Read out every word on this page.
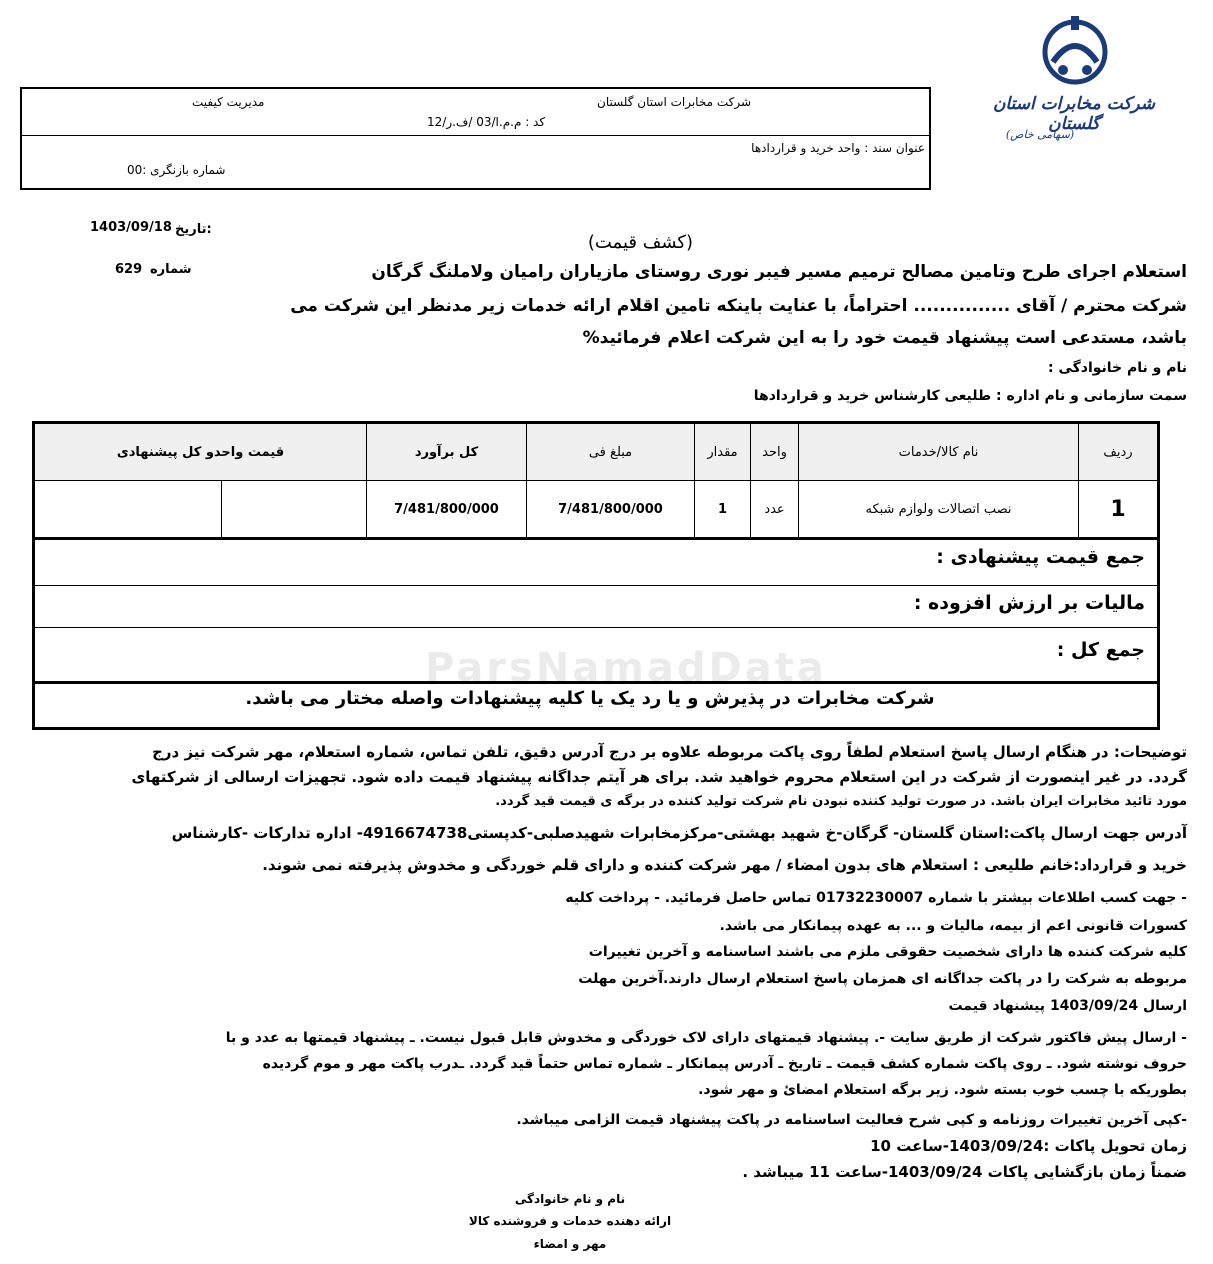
شرکت مخابرات استان گلستان
(سهامی خاص)
شرکت مخابرات استان گلستان
مدیریت کیفیت
کد : م.م.ا/03 /ف.ر/12
عنوان سند : واحد خرید و قراردادها
شماره بازنگری :00
تاریخ:
1403/09/18
شماره
629
(کشف قیمت)
استعلام اجرای طرح وتامین مصالح ترمیم مسیر فیبر نوری روستای مازیاران رامیان ولاملنگ گرگان
شرکت محترم / آقای ............... احتراماً، با عنایت باینکه تامین اقلام ارائه خدمات زیر مدنظر این شرکت می
باشد، مستدعی است پیشنهاد قیمت خود را به این شرکت اعلام فرمائید%
نام و نام خانوادگی :
سمت سازمانی و نام اداره : طلیعی کارشناس خرید و قراردادها
ردیف	نام کالا/خدمات	واحد	مقدار	مبلغ فی	کل برآورد	قیمت واحدو کل پیشنهادی	
1	نصب اتصالات ولوازم شبکه	عدد	1	7/481/800/000	7/481/800/000		
جمع قیمت پیشنهادی :
مالیات بر ارزش افزوده :
جمع کل :
شرکت مخابرات در پذیرش و یا رد یک یا کلیه پیشنهادات واصله مختار می باشد.
ParsNamadData
توضیحات: در هنگام ارسال پاسخ استعلام لطفاً روی پاکت مربوطه علاوه بر درج آدرس دقیق، تلفن تماس، شماره استعلام، مهر شرکت نیز درج
گردد. در غیر اینصورت از شرکت در این استعلام محروم خواهید شد. برای هر آیتم جداگانه پیشنهاد قیمت داده شود. تجهیزات ارسالی از شرکتهای
مورد تائید مخابرات ایران باشد. در صورت تولید کننده نبودن نام شرکت تولید کننده در برگه ی قیمت قید گردد.
آدرس جهت ارسال پاکت:استان گلستان- گرگان-خ شهید بهشتی-مرکزمخابرات شهیدصلبی-کدپستی4916674738- اداره تدارکات -کارشناس
خرید و قرارداد:خانم طلیعی : استعلام های بدون امضاء / مهر شرکت کننده و دارای قلم خوردگی و مخدوش پذیرفته نمی شوند.
- جهت کسب اطلاعات بیشتر با شماره 01732230007 تماس حاصل فرمائید. - پرداخت کلیه
کسورات قانونی اعم از بیمه، مالیات و ... به عهده پیمانکار می باشد.
کلیه شرکت کننده ها دارای شخصیت حقوقی ملزم می باشند اساسنامه و آخرین تغییرات
مربوطه به شرکت را در پاکت جداگانه ای همزمان پاسخ استعلام ارسال دارند.آخرین مهلت
ارسال 1403/09/24 پیشنهاد قیمت
- ارسال پیش فاکتور شرکت از طریق سایت -. پیشنهاد قیمتهای دارای لاک خوردگی و مخدوش قابل قبول نیست. ـ پیشنهاد قیمتها به عدد و با
حروف نوشته شود. ـ روی پاکت شماره کشف قیمت ـ تاریخ ـ آدرس پیمانکار ـ شماره تماس حتماً قید گردد. ـدرب پاکت مهر و موم گردیده
بطوریکه با چسب خوب بسته شود. زیر برگه استعلام امضائ و مهر شود.
-کپی آخرین تغییرات روزنامه و کپی شرح فعالیت اساسنامه در پاکت پیشنهاد قیمت الزامی میباشد.
زمان تحویل پاکات :1403/09/24-ساعت 10
ضمناً زمان بازگشایی پاکات 1403/09/24-ساعت 11 میباشد .
نام و نام خانوادگی
ارائه دهنده خدمات و فروشنده کالا
مهر و امضاء
